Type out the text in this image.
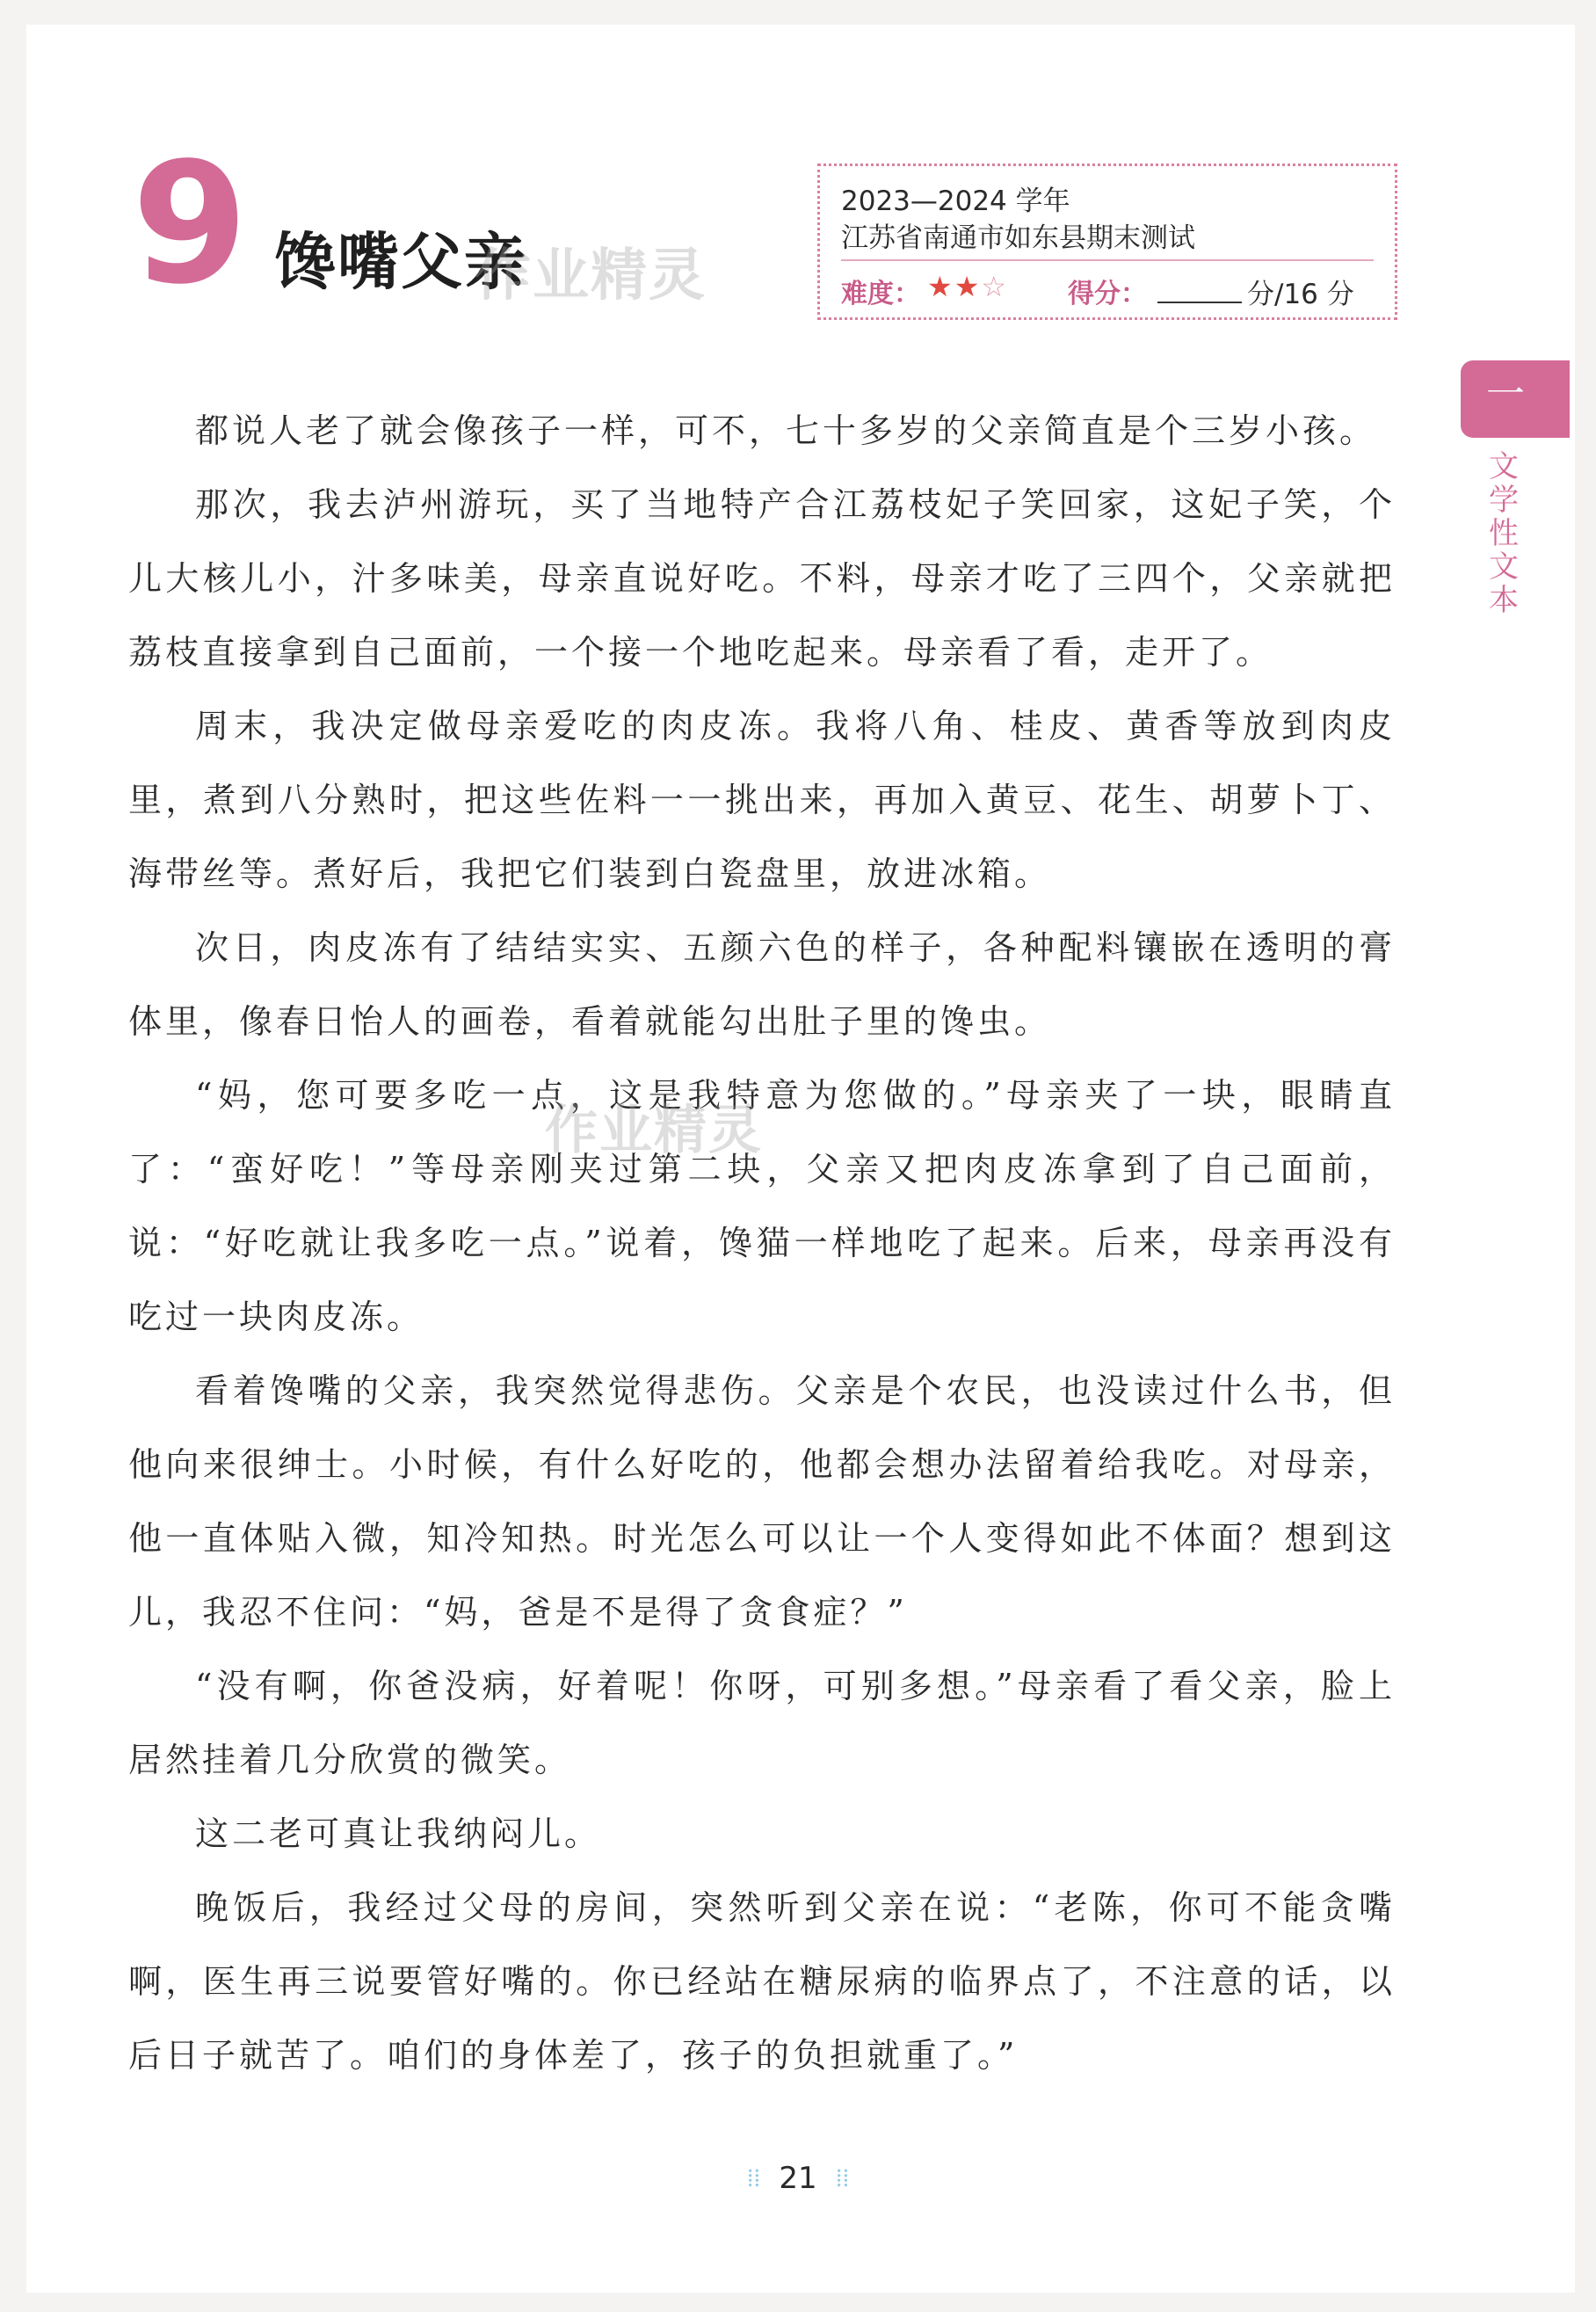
9 馋嘴父亲
作业精灵
2023—2024 学年
江苏省南通市如东县期末测试
难度： ★★☆ 得分：	分/16 分
一
文学性文本

都说人老了就会像孩子一样，可不，七十多岁的父亲简直是个三岁小孩。

那次，我去泸州游玩，买了当地特产合江荔枝妃子笑回家，这妃子笑，个儿大核儿小，汁多味美，母亲直说好吃。不料，母亲才吃了三四个，父亲就把荔枝直接拿到自己面前，一个接一个地吃起来。母亲看了看，走开了。

周末，我决定做母亲爱吃的肉皮冻。我将八角、桂皮、黄香等放到肉皮里，煮到八分熟时，把这些佐料一一挑出来，再加入黄豆、花生、胡萝卜丁、海带丝等。煮好后，我把它们装到白瓷盘里，放进冰箱。

次日，肉皮冻有了结结实实、五颜六色的样子，各种配料镶嵌在透明的膏体里，像春日怡人的画卷，看着就能勾出肚子里的馋虫。

“妈，您可要多吃一点，这是我特意为您做的。”母亲夹了一块，眼睛直了：“蛮好吃！”等母亲刚夹过第二块，父亲又把肉皮冻拿到了自己面前，说：“好吃就让我多吃一点。”说着，馋猫一样地吃了起来。后来，母亲再没有吃过一块肉皮冻。

看着馋嘴的父亲，我突然觉得悲伤。父亲是个农民，也没读过什么书，但他向来很绅士。小时候，有什么好吃的，他都会想办法留着给我吃。对母亲，他一直体贴入微，知冷知热。时光怎么可以让一个人变得如此不体面？想到这儿，我忍不住问：“妈，爸是不是得了贪食症？”

“没有啊，你爸没病，好着呢！你呀，可别多想。”母亲看了看父亲，脸上居然挂着几分欣赏的微笑。

这二老可真让我纳闷儿。

晚饭后，我经过父母的房间，突然听到父亲在说：“老陈，你可不能贪嘴啊，医生再三说要管好嘴的。你已经站在糖尿病的临界点了，不注意的话，以后日子就苦了。咱们的身体差了，孩子的负担就重了。”

作业精灵
⁞⁞ 21 ⁞⁞
